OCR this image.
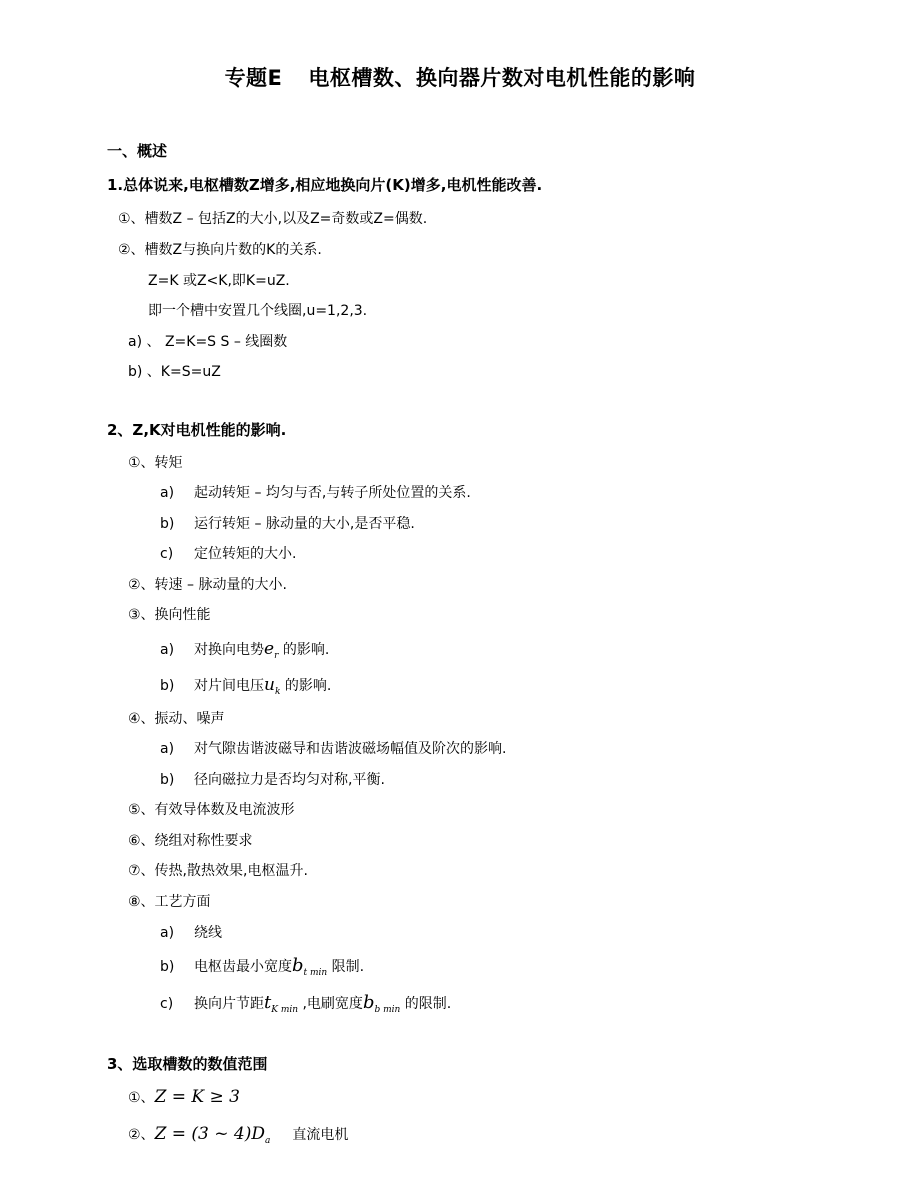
专题E 电枢槽数、换向器片数对电机性能的影响
一、概述
1.总体说来,电枢槽数Z增多,相应地换向片(K)增多,电机性能改善.
①、槽数Z – 包括Z的大小,以及Z=奇数或Z=偶数.
②、槽数Z与换向片数的K的关系.
Z=K 或Z<K,即K=uZ.
即一个槽中安置几个线圈,u=1,2,3.
a) 、 Z=K=S S – 线圈数
b) 、K=S=uZ
2、Z,K对电机性能的影响.
①、转矩
a) 起动转矩 – 均匀与否,与转子所处位置的关系.
b) 运行转矩 – 脉动量的大小,是否平稳.
c) 定位转矩的大小.
②、转速 – 脉动量的大小.
③、换向性能
a) 对换向电势$e_r$ 的影响.
b) 对片间电压$u_k$ 的影响.
④、振动、噪声
a) 对气隙齿谐波磁导和齿谐波磁场幅值及阶次的影响.
b) 径向磁拉力是否均匀对称,平衡.
⑤、有效导体数及电流波形
⑥、绕组对称性要求
⑦、传热,散热效果,电枢温升.
⑧、工艺方面
a) 绕线
b) 电枢齿最小宽度$b_{t min}$ 限制.
c) 换向片节距$t_{K min}$ ,电刷宽度$b_{b min}$ 的限制.
3、选取槽数的数值范围
①、Z = K ≥ 3
②、Z = (3 ~ $4)D_a$ 直流电机
